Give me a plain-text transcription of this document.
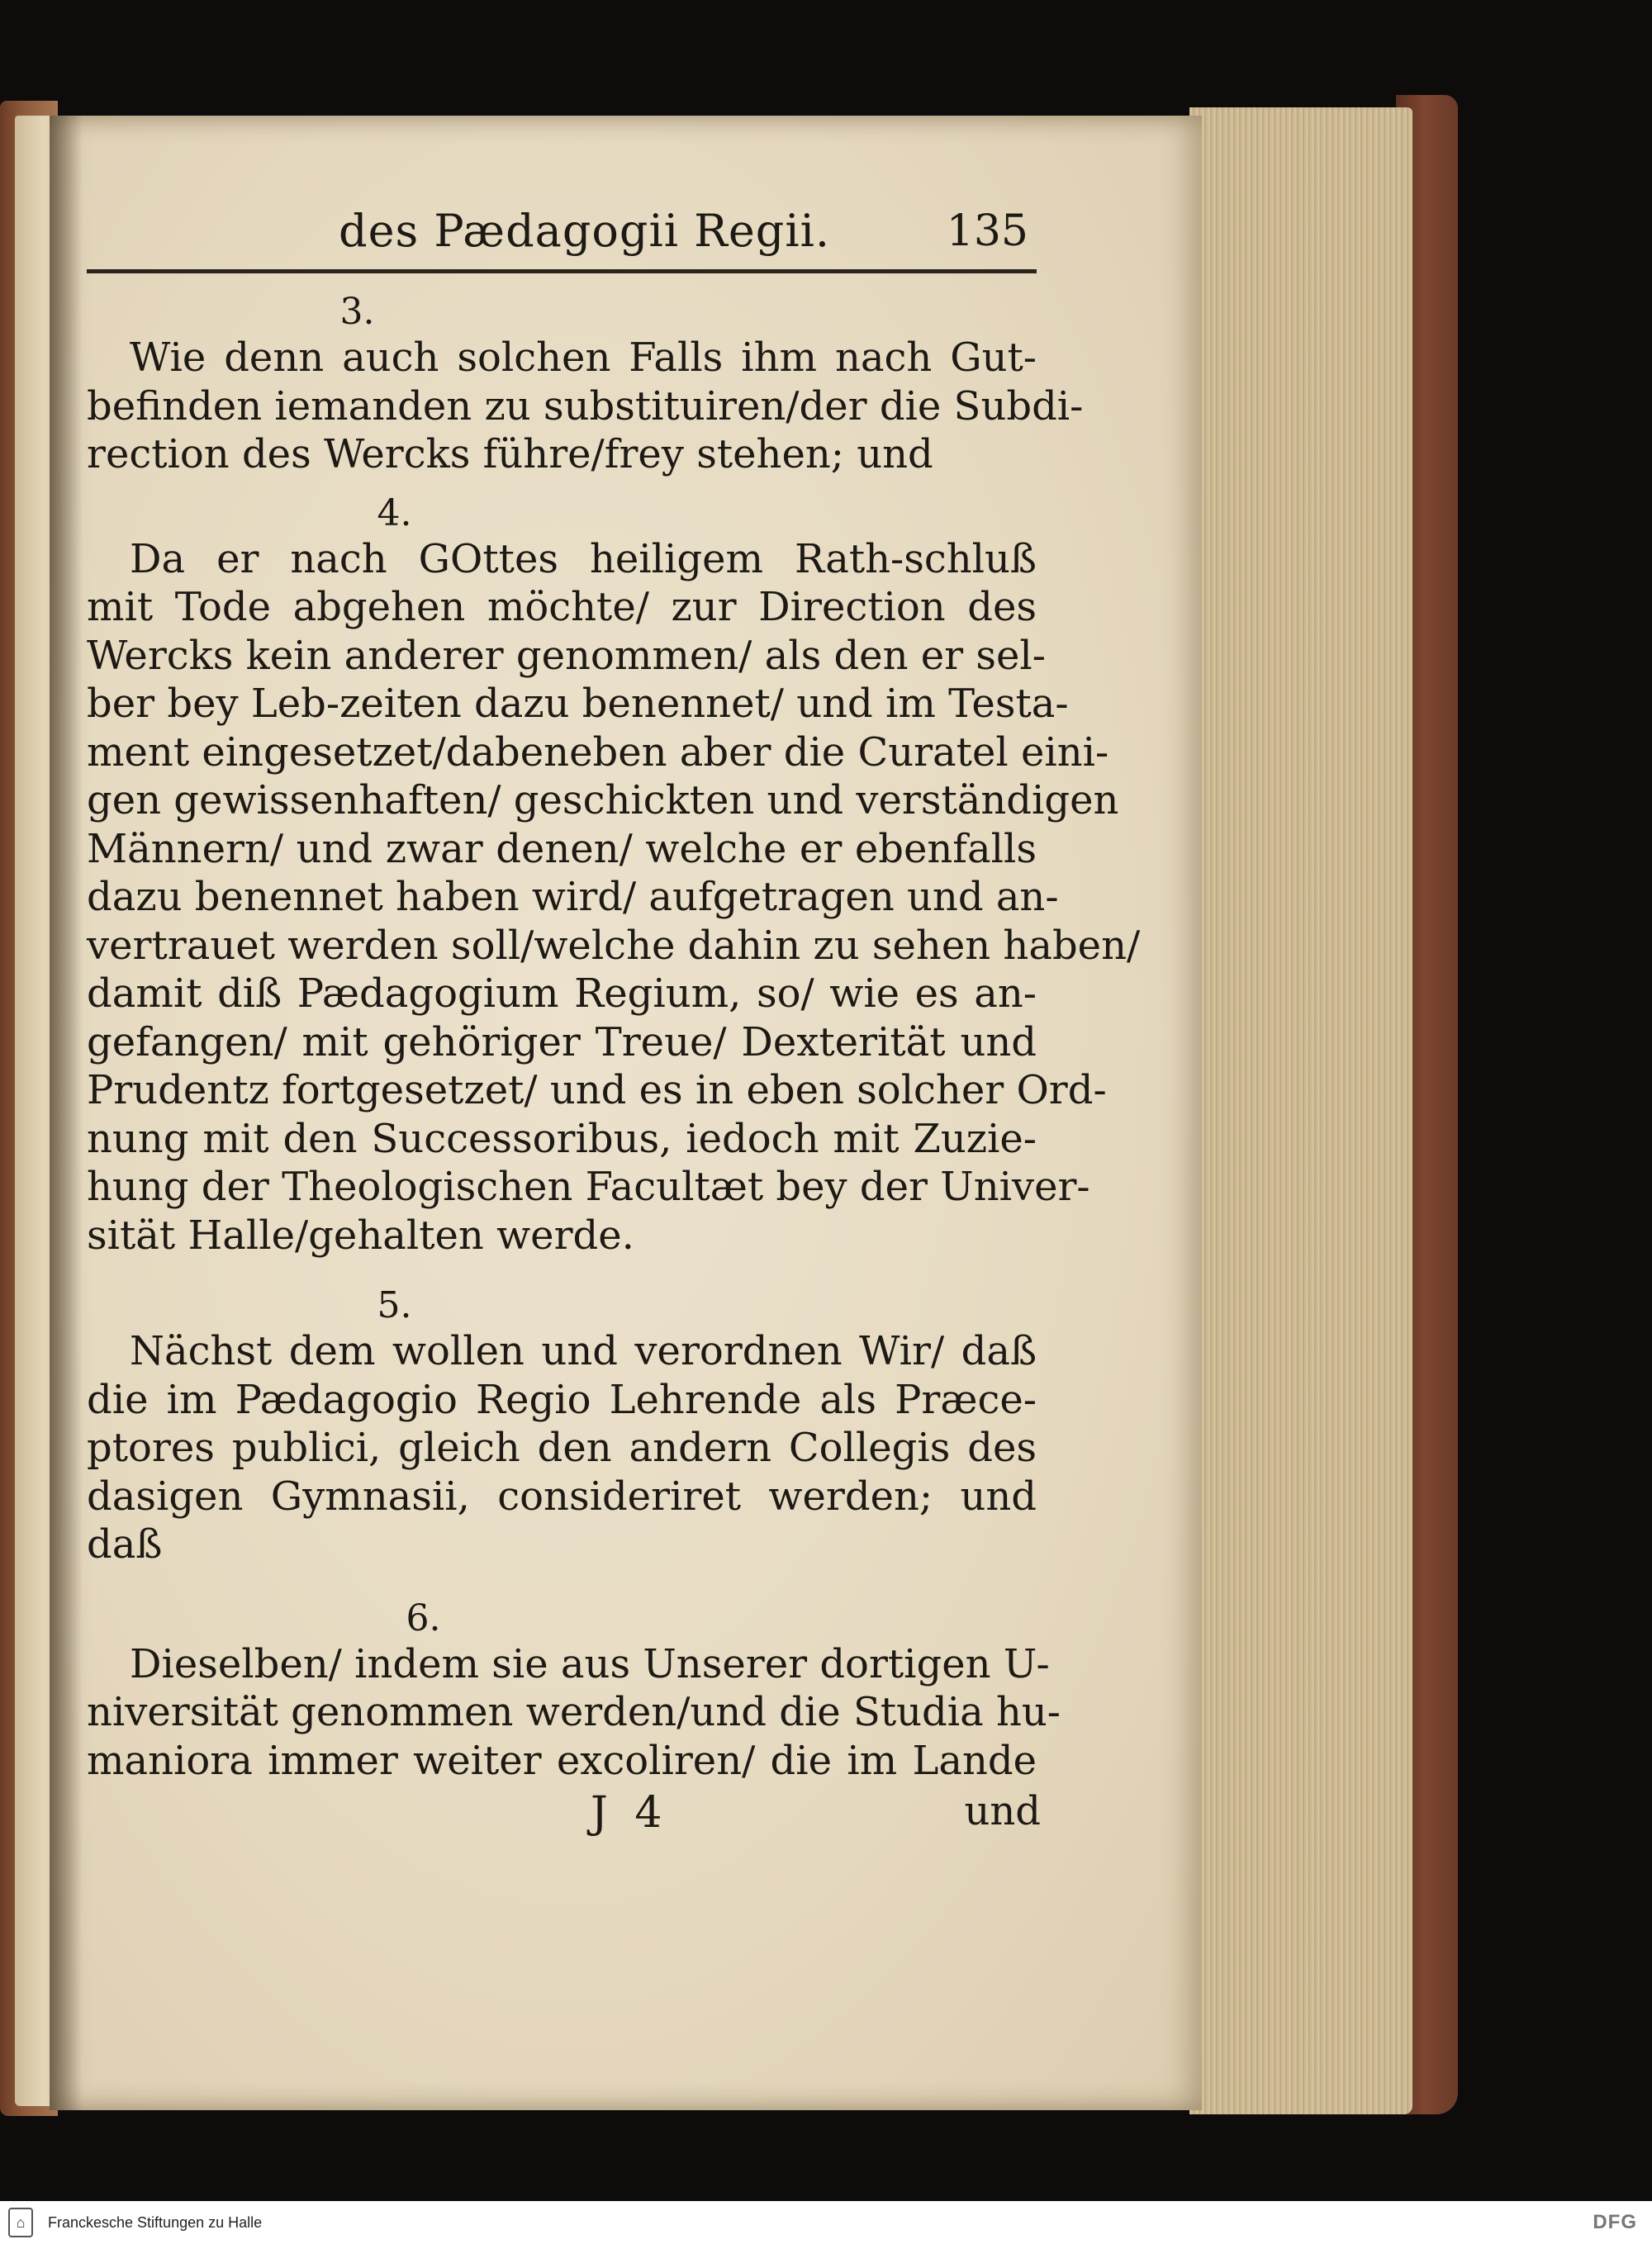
des Pædagogii Regii.	135
3.
Wie denn auch solchen Falls ihm nach Gut-
befinden iemanden zu substituiren/der die Subdi-
rection des Wercks führe/frey stehen; und
4.
Da er nach GOttes heiligem Rath-schluß
mit Tode abgehen möchte/ zur Direction des
Wercks kein anderer genommen/ als den er sel-
ber bey Leb-zeiten dazu benennet/ und im Testa-
ment eingesetzet/dabeneben aber die Curatel eini-
gen gewissenhaften/ geschickten und verständigen
Männern/ und zwar denen/ welche er ebenfalls
dazu benennet haben wird/ aufgetragen und an-
vertrauet werden soll/welche dahin zu sehen haben/
damit diß Pædagogium Regium, so/ wie es an-
gefangen/ mit gehöriger Treue/ Dexterität und
Prudentz fortgesetzet/ und es in eben solcher Ord-
nung mit den Successoribus, iedoch mit Zuzie-
hung der Theologischen Facultæt bey der Univer-
sität Halle/gehalten werde.
5.
Nächst dem wollen und verordnen Wir/ daß
die im Pædagogio Regio Lehrende als Præce-
ptores publici, gleich den andern Collegis des
dasigen Gymnasii, consideriret werden; und
daß
6.
Dieselben/ indem sie aus Unserer dortigen U-
niversität genommen werden/und die Studia hu-
maniora immer weiter excoliren/ die im Lande
J 4	und
⌂	Franckesche Stiftungen zu Halle	DFG
